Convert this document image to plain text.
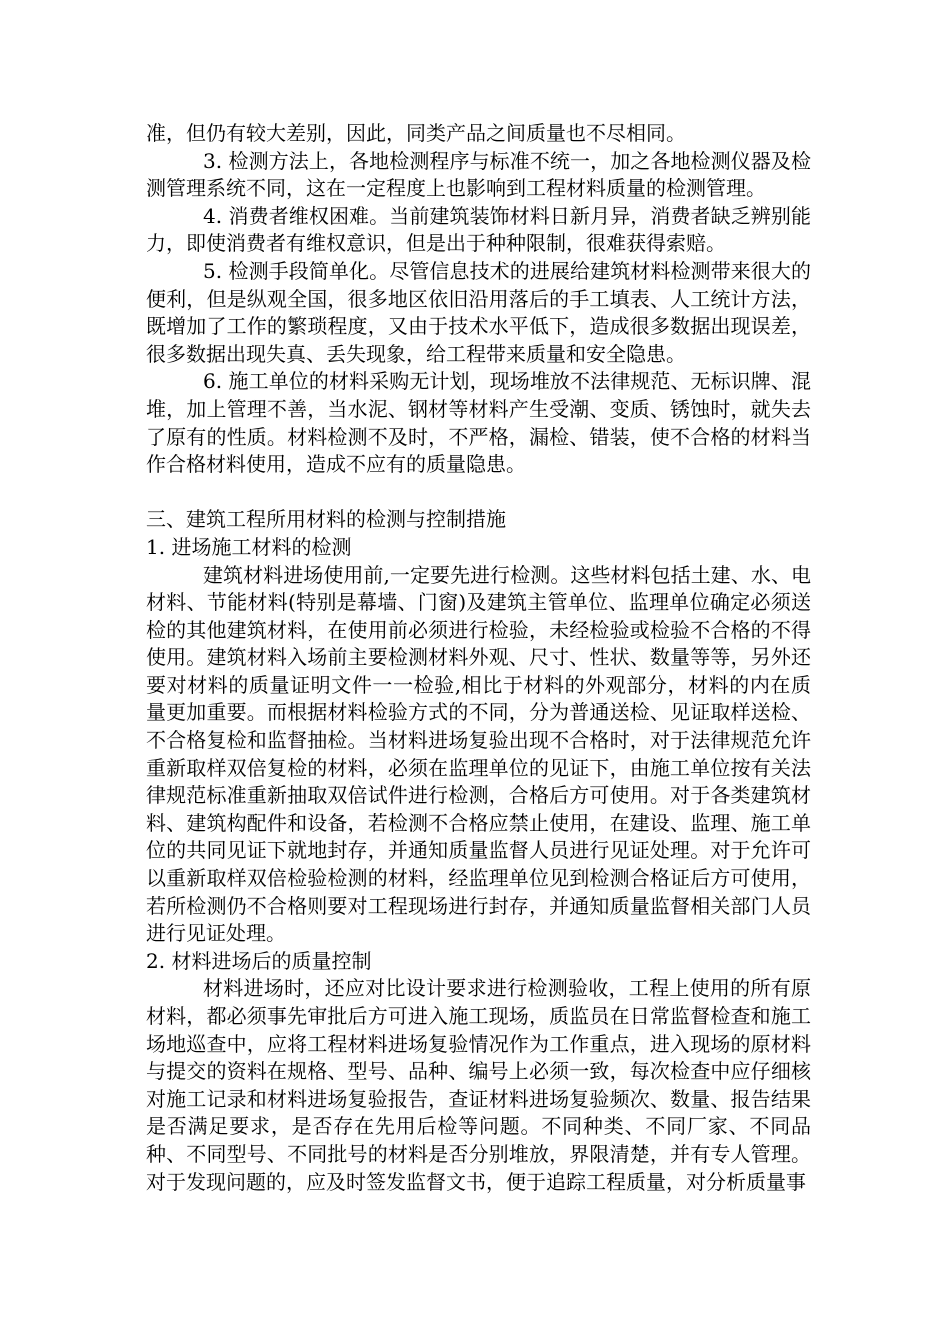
准，但仍有较大差别，因此，同类产品之间质量也不尽相同。

3. 检测方法上，各地检测程序与标准不统一，加之各地检测仪器及检测管理系统不同，这在一定程度上也影响到工程材料质量的检测管理。

4. 消费者维权困难。当前建筑装饰材料日新月异，消费者缺乏辨别能力，即使消费者有维权意识，但是出于种种限制，很难获得索赔。

5. 检测手段简单化。尽管信息技术的进展给建筑材料检测带来很大的便利，但是纵观全国，很多地区依旧沿用落后的手工填表、人工统计方法，既增加了工作的繁琐程度，又由于技术水平低下，造成很多数据出现误差，很多数据出现失真、丢失现象，给工程带来质量和安全隐患。

6. 施工单位的材料采购无计划，现场堆放不法律规范、无标识牌、混堆，加上管理不善，当水泥、钢材等材料产生受潮、变质、锈蚀时，就失去了原有的性质。材料检测不及时，不严格，漏检、错装，使不合格的材料当作合格材料使用，造成不应有的质量隐患。

三、建筑工程所用材料的检测与控制措施

1. 进场施工材料的检测

建筑材料进场使用前,一定要先进行检测。这些材料包括土建、水、电材料、节能材料(特别是幕墙、门窗)及建筑主管单位、监理单位确定必须送检的其他建筑材料，在使用前必须进行检验，未经检验或检验不合格的不得使用。建筑材料入场前主要检测材料外观、尺寸、性状、数量等等，另外还要对材料的质量证明文件一一检验,相比于材料的外观部分，材料的内在质量更加重要。而根据材料检验方式的不同，分为普通送检、见证取样送检、不合格复检和监督抽检。当材料进场复验出现不合格时，对于法律规范允许重新取样双倍复检的材料，必须在监理单位的见证下，由施工单位按有关法律规范标准重新抽取双倍试件进行检测，合格后方可使用。对于各类建筑材料、建筑构配件和设备，若检测不合格应禁止使用，在建设、监理、施工单位的共同见证下就地封存，并通知质量监督人员进行见证处理。对于允许可以重新取样双倍检验检测的材料，经监理单位见到检测合格证后方可使用，若所检测仍不合格则要对工程现场进行封存，并通知质量监督相关部门人员进行见证处理。

2. 材料进场后的质量控制

材料进场时，还应对比设计要求进行检测验收，工程上使用的所有原材料，都必须事先审批后方可进入施工现场，质监员在日常监督检查和施工场地巡查中，应将工程材料进场复验情况作为工作重点，进入现场的原材料与提交的资料在规格、型号、品种、编号上必须一致，每次检查中应仔细核对施工记录和材料进场复验报告，查证材料进场复验频次、数量、报告结果是否满足要求，是否存在先用后检等问题。不同种类、不同厂家、不同品种、不同型号、不同批号的材料是否分别堆放，界限清楚，并有专人管理。对于发现问题的，应及时签发监督文书，便于追踪工程质量，对分析质量事
